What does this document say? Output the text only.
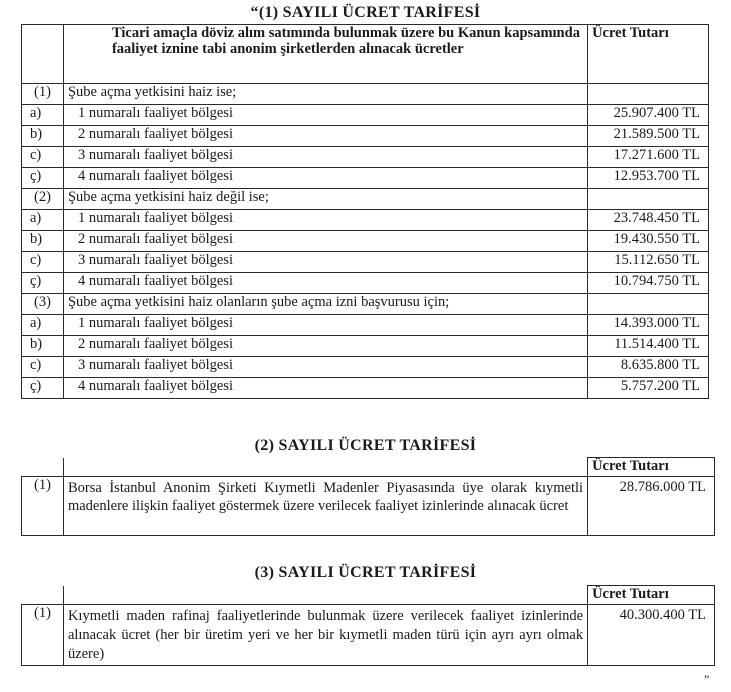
“(1) SAYILI ÜCRET TARİFESİ
	Ticari amaçla döviz alım satımında bulunmak üzere bu Kanun kapsamında faaliyet iznine tabi anonim şirketlerden alınacak ücretler	Ücret Tutarı
(1)	Şube açma yetkisini haiz ise;	
a)	1 numaralı faaliyet bölgesi	25.907.400 TL
b)	2 numaralı faaliyet bölgesi	21.589.500 TL
c)	3 numaralı faaliyet bölgesi	17.271.600 TL
ç)	4 numaralı faaliyet bölgesi	12.953.700 TL
(2)	Şube açma yetkisini haiz değil ise;	
a)	1 numaralı faaliyet bölgesi	23.748.450 TL
b)	2 numaralı faaliyet bölgesi	19.430.550 TL
c)	3 numaralı faaliyet bölgesi	15.112.650 TL
ç)	4 numaralı faaliyet bölgesi	10.794.750 TL
(3)	Şube açma yetkisini haiz olanların şube açma izni başvurusu için;	
a)	1 numaralı faaliyet bölgesi	14.393.000 TL
b)	2 numaralı faaliyet bölgesi	11.514.400 TL
c)	3 numaralı faaliyet bölgesi	8.635.800 TL
ç)	4 numaralı faaliyet bölgesi	5.757.200 TL
(2) SAYILI ÜCRET TARİFESİ
		Ücret Tutarı
(1)	Borsa İstanbul Anonim Şirketi Kıymetli Madenler Piyasasında üye olarak kıymetli madenlere ilişkin faaliyet göstermek üzere verilecek faaliyet izinlerinde alınacak ücret	28.786.000 TL
(3) SAYILI ÜCRET TARİFESİ
		Ücret Tutarı
(1)	Kıymetli maden rafinaj faaliyetlerinde bulunmak üzere verilecek faaliyet izinlerinde alınacak ücret (her bir üretim yeri ve her bir kıymetli maden türü için ayrı ayrı olmak üzere)	40.300.400 TL
”
